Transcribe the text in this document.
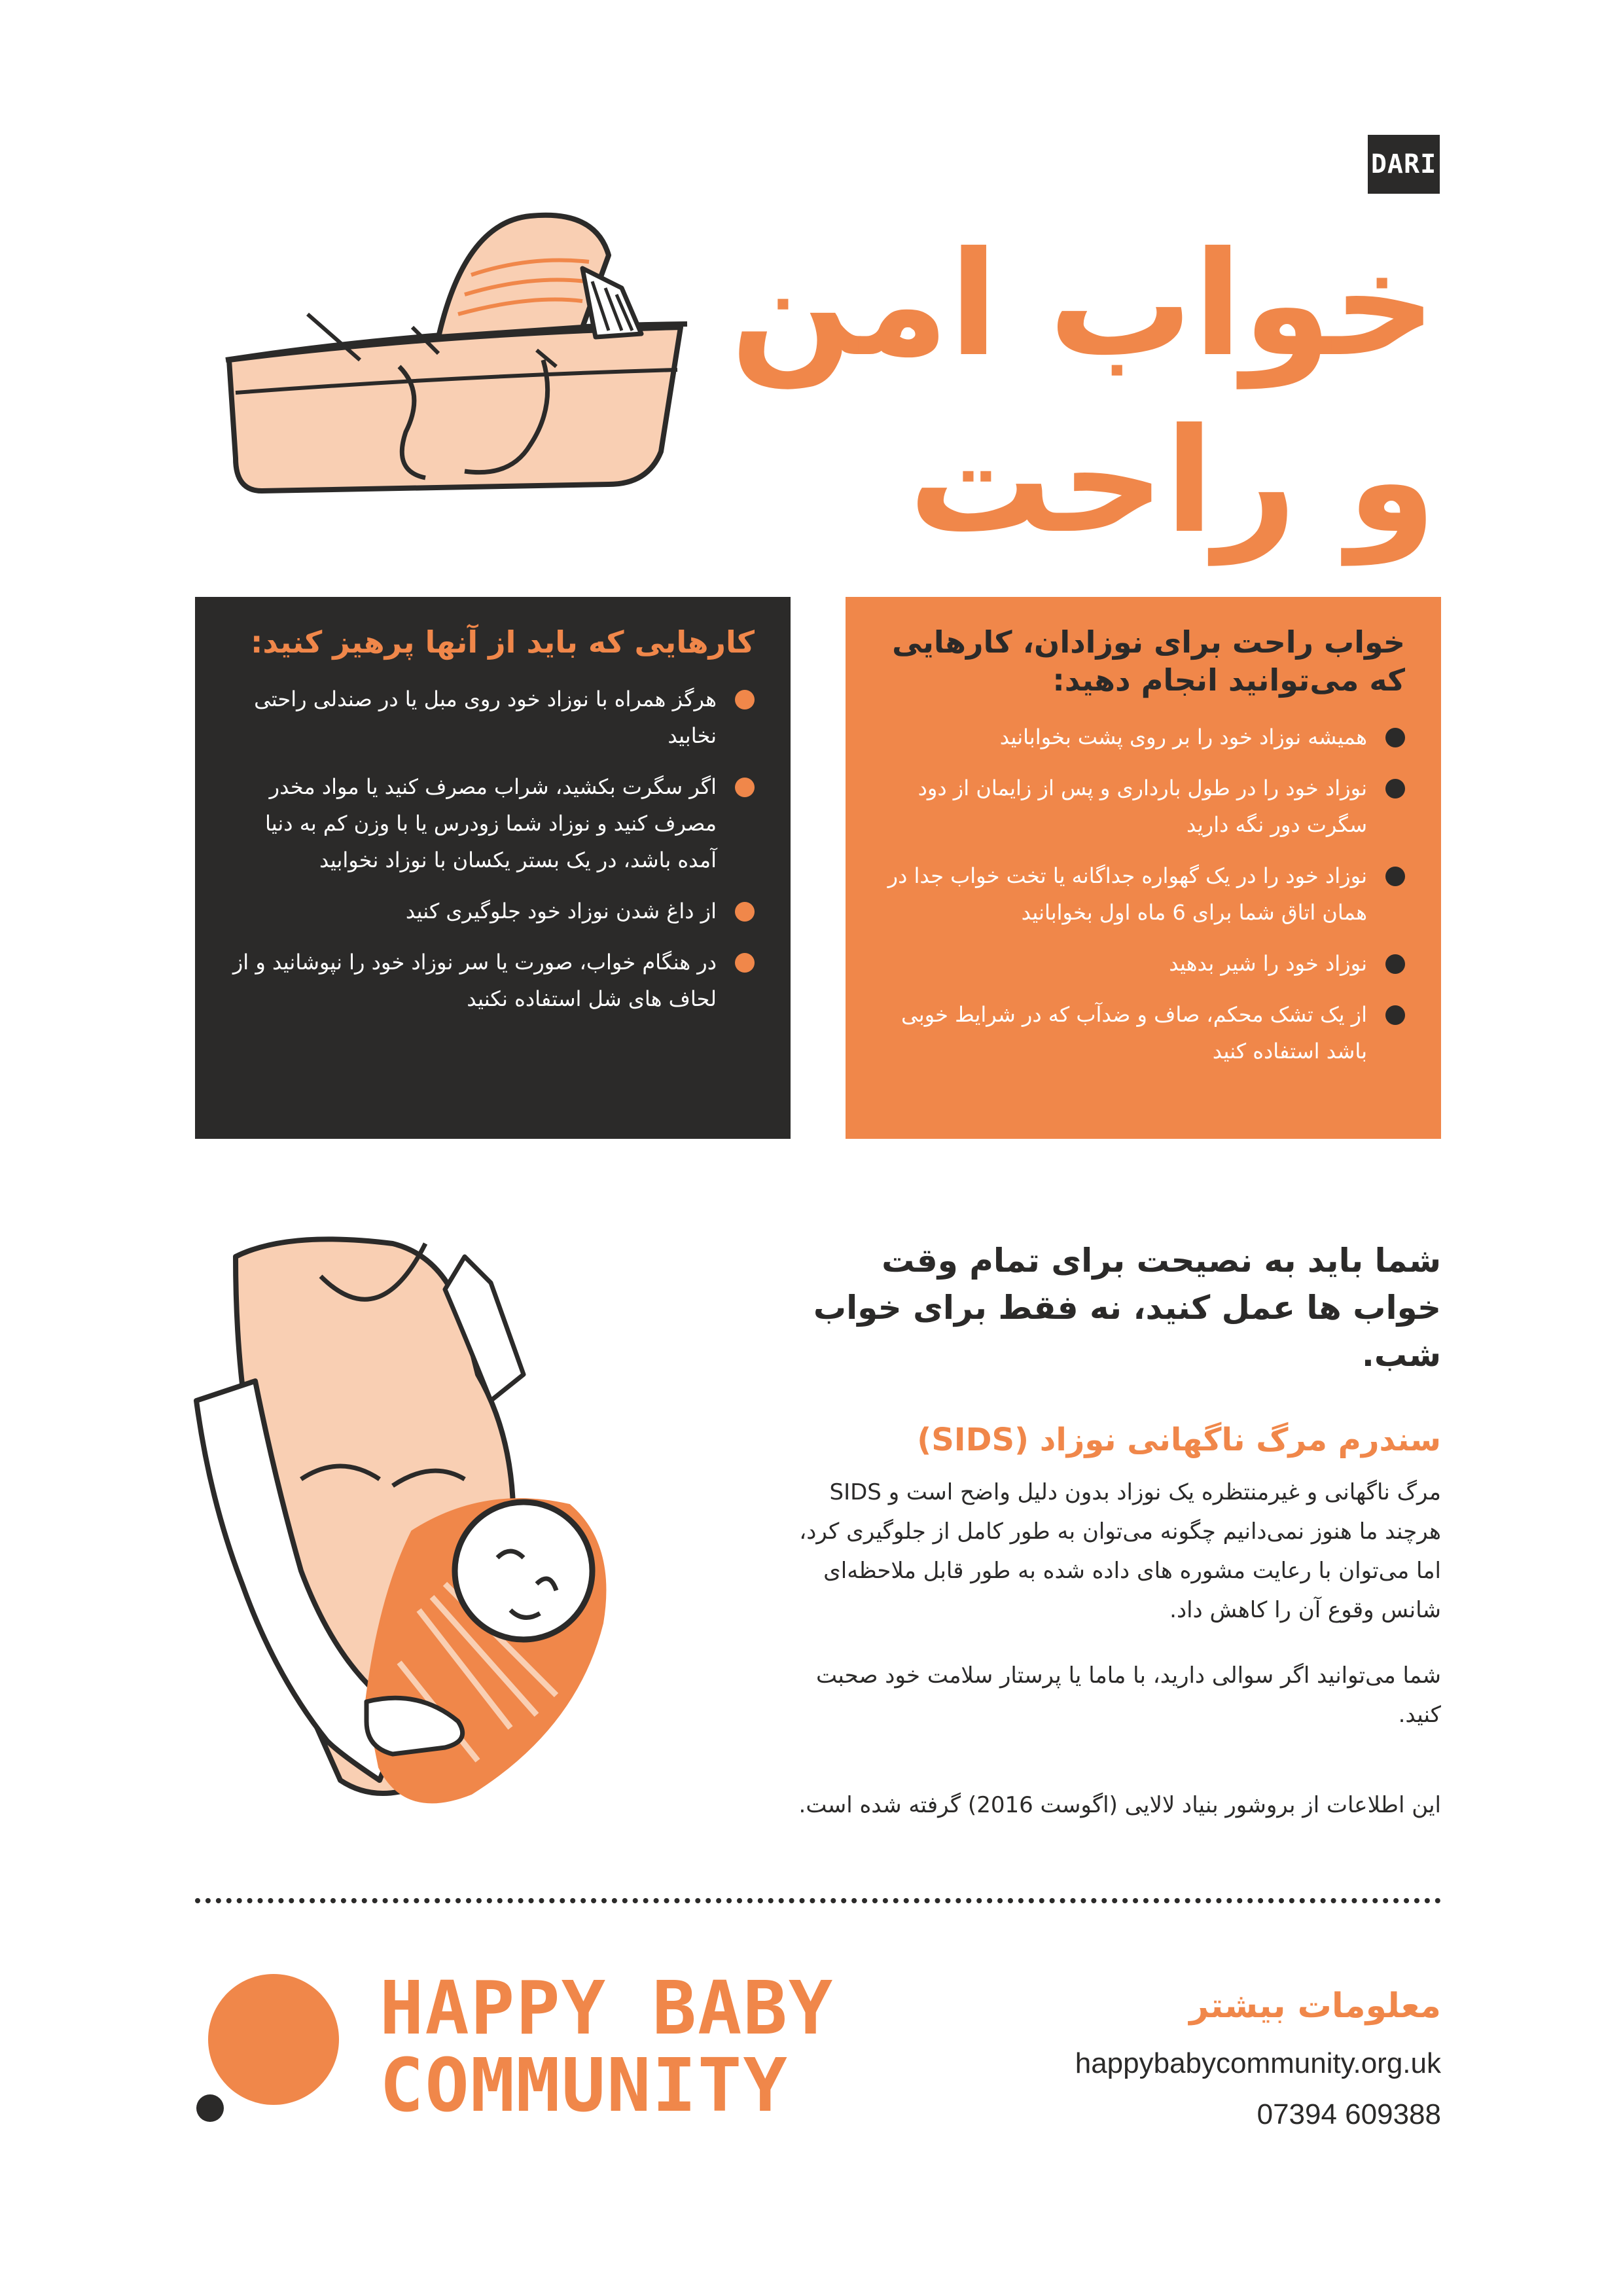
DARI
خواب امن
و راحت
خواب راحت برای نوزادان، کارهایی که می‌توانید انجام دهید:
همیشه نوزاد خود را بر روی پشت بخوابانید
نوزاد خود را در طول بارداری و پس از زایمان از دود سگرت دور نگه دارید
نوزاد خود را در یک گهواره جداگانه یا تخت خواب جدا در همان اتاق شما برای 6 ماه اول بخوابانید
نوزاد خود را شیر بدهید
از یک تشک محکم، صاف و ضدآب که در شرایط خوبی باشد استفاده کنید
کارهایی که باید از آنها پرهیز کنید:
هرگز همراه با نوزاد خود روی مبل یا در صندلی راحتی نخابید
اگر سگرت بکشید، شراب مصرف کنید یا مواد مخدر مصرف کنید و نوزاد شما زودرس یا با وزن کم به دنیا آمده باشد، در یک بستر یکسان با نوزاد نخوابید
از داغ شدن نوزاد خود جلوگیری کنید
در هنگام خواب، صورت یا سر نوزاد خود را نپوشانید و از لحاف های شل استفاده نکنید
شما باید به نصیحت برای تمام وقت خواب ها عمل کنید، نه فقط برای خواب شب.
سندرم مرگ ناگهانی نوزاد (SIDS)
مرگ ناگهانی و غیرمنتظره یک نوزاد بدون دلیل واضح است و SIDS هرچند ما هنوز نمی‌دانیم چگونه می‌توان به طور کامل از جلوگیری کرد، اما می‌توان با رعایت مشوره های داده شده به طور قابل ملاحظه‌ای شانس وقوع آن را کاهش داد.
شما می‌توانید اگر سوالی دارید، با ماما یا پرستار سلامت خود صحبت کنید.
این اطلاعات از بروشور بنیاد لالایی (اگوست 2016) گرفته شده است.
HAPPY BABY
COMMUNITY
معلومات بیشتر
happybabycommunity.org.uk
07394 609388
